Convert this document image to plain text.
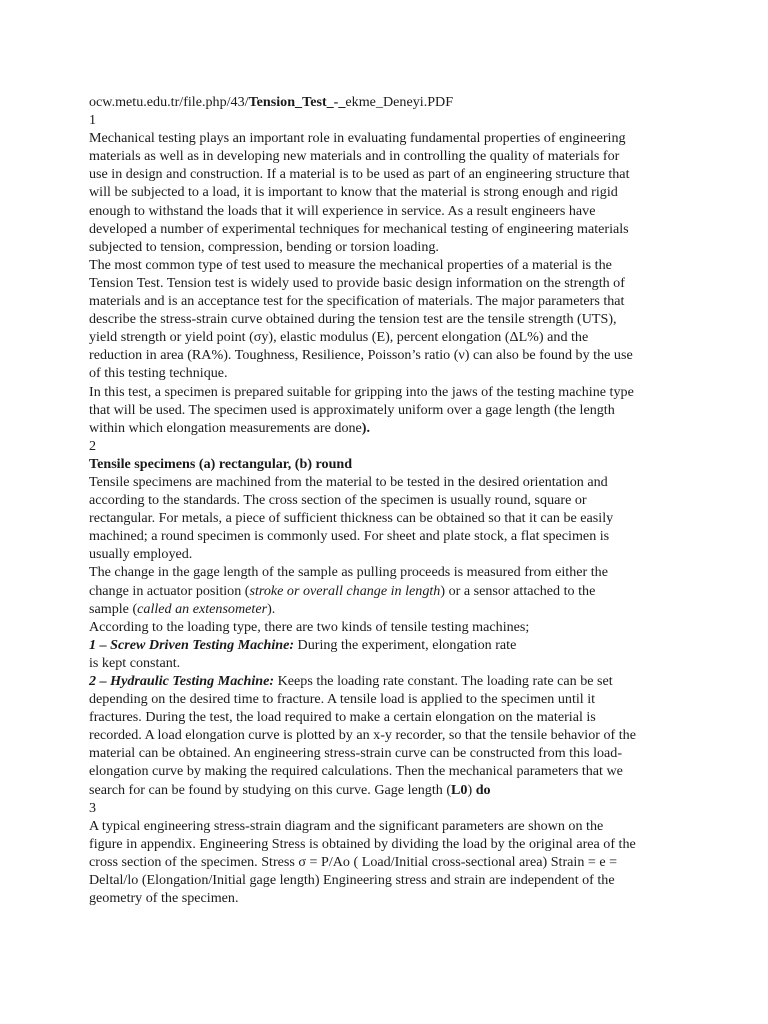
ocw.metu.edu.tr/file.php/43/Tension_Test_-_ekme_Deneyi.PDF
1
Mechanical testing plays an important role in evaluating fundamental properties of engineering
materials as well as in developing new materials and in controlling the quality of materials for
use in design and construction. If a material is to be used as part of an engineering structure that
will be subjected to a load, it is important to know that the material is strong enough and rigid
enough to withstand the loads that it will experience in service. As a result engineers have
developed a number of experimental techniques for mechanical testing of engineering materials
subjected to tension, compression, bending or torsion loading.
The most common type of test used to measure the mechanical properties of a material is the
Tension Test. Tension test is widely used to provide basic design information on the strength of
materials and is an acceptance test for the specification of materials. The major parameters that
describe the stress-strain curve obtained during the tension test are the tensile strength (UTS),
yield strength or yield point (σy), elastic modulus (E), percent elongation (ΔL%) and the
reduction in area (RA%). Toughness, Resilience, Poisson’s ratio (ν) can also be found by the use
of this testing technique.
In this test, a specimen is prepared suitable for gripping into the jaws of the testing machine type
that will be used. The specimen used is approximately uniform over a gage length (the length
within which elongation measurements are done).
2
Tensile specimens (a) rectangular, (b) round
Tensile specimens are machined from the material to be tested in the desired orientation and
according to the standards. The cross section of the specimen is usually round, square or
rectangular. For metals, a piece of sufficient thickness can be obtained so that it can be easily
machined; a round specimen is commonly used. For sheet and plate stock, a flat specimen is
usually employed.
The change in the gage length of the sample as pulling proceeds is measured from either the
change in actuator position (stroke or overall change in length) or a sensor attached to the
sample (called an extensometer).
According to the loading type, there are two kinds of tensile testing machines;
1 – Screw Driven Testing Machine: During the experiment, elongation rate
is kept constant.
2 – Hydraulic Testing Machine: Keeps the loading rate constant. The loading rate can be set
depending on the desired time to fracture. A tensile load is applied to the specimen until it
fractures. During the test, the load required to make a certain elongation on the material is
recorded. A load elongation curve is plotted by an x-y recorder, so that the tensile behavior of the
material can be obtained. An engineering stress-strain curve can be constructed from this load-
elongation curve by making the required calculations. Then the mechanical parameters that we
search for can be found by studying on this curve. Gage length (L0) do
3
A typical engineering stress-strain diagram and the significant parameters are shown on the
figure in appendix. Engineering Stress is obtained by dividing the load by the original area of the
cross section of the specimen. Stress σ = P/Ao ( Load/Initial cross-sectional area) Strain = e =
Deltal/lo (Elongation/Initial gage length) Engineering stress and strain are independent of the
geometry of the specimen.
